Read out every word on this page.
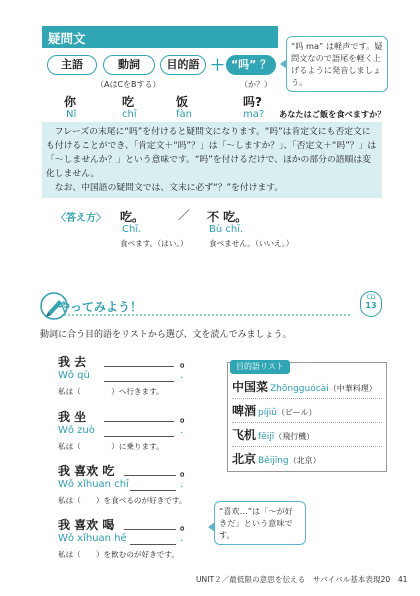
疑問文	“吗 ma” は軽声です。疑問文なので語尾を軽く上げるように発音しましょう。
主語	動詞	目的語 ＋ “吗” ？
（AはCをBする）	（か？）
你	吃	饭	吗?
Nǐ	chī	fàn	ma? あなたはご飯を食べますか？

フレーズの末尾に“吗”を付けると疑問文になります。“吗”は肯定文にも否定文にも付けることができ、「肯定文＋“吗”？」は「～しますか？」、「否定文＋“吗”？」は「～しませんか？」という意味です。“吗”を付けるだけで、ほかの部分の語順は変化しません。

なお、中国語の疑問文では、文末に必ず“？”を付けます。

〈答え方〉 吃。	／ 不 吃。
Chī.	Bù chī.
食べます。（はい。）	食べません。（いいえ。）
やってみよう！
CD
13
動詞に合う目的語をリストから選び、文を読んでみましょう。
我 去	。
Wǒ qù	.
私は（　　　　）へ行きます。
我 坐	。
Wǒ zuò	.
私は（　　　　）に乗ります。
我 喜欢 吃	。
Wǒ xǐhuan chī	.
私は（　　）を食べるのが好きです。
我 喜欢 喝	。
Wǒ xǐhuan hē	.
私は（　　）を飲むのが好きです。
目的語リスト
中国菜 Zhōngguócài（中華料理）
啤酒 píjiǔ（ビール）
飞机 fēijī（飛行機）
北京 Běijīng（北京）
“喜欢…”は「～が好きだ」という意味です。
UNIT２／最低限の意思を伝える　サバイバル基本表現20　41
